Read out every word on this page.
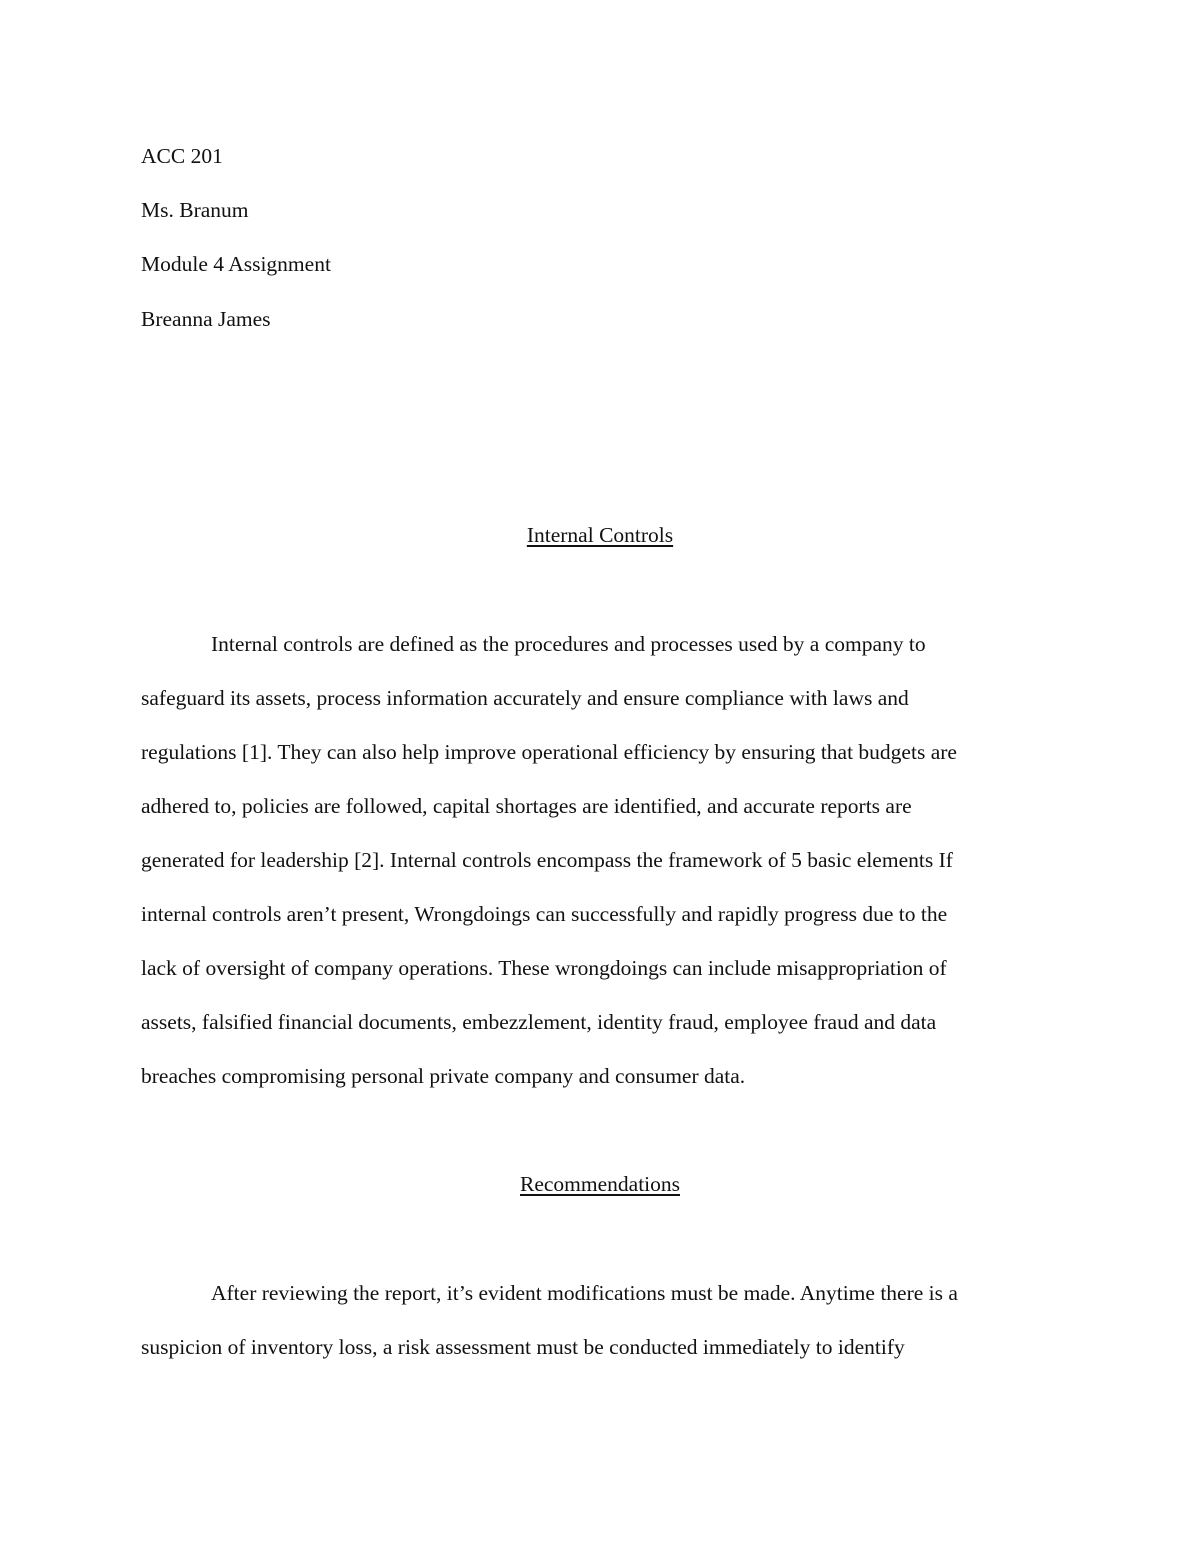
ACC 201
Ms. Branum
Module 4 Assignment
Breanna James
Internal Controls
Internal controls are defined as the procedures and processes used by a company to
safeguard its assets, process information accurately and ensure compliance with laws and
regulations [1]. They can also help improve operational efficiency by ensuring that budgets are
adhered to, policies are followed, capital shortages are identified, and accurate reports are
generated for leadership [2]. Internal controls encompass the framework of 5 basic elements If
internal controls aren’t present, Wrongdoings can successfully and rapidly progress due to the
lack of oversight of company operations. These wrongdoings can include misappropriation of
assets, falsified financial documents, embezzlement, identity fraud, employee fraud and data
breaches compromising personal private company and consumer data.
Recommendations
After reviewing the report, it’s evident modifications must be made. Anytime there is a
suspicion of inventory loss, a risk assessment must be conducted immediately to identify
